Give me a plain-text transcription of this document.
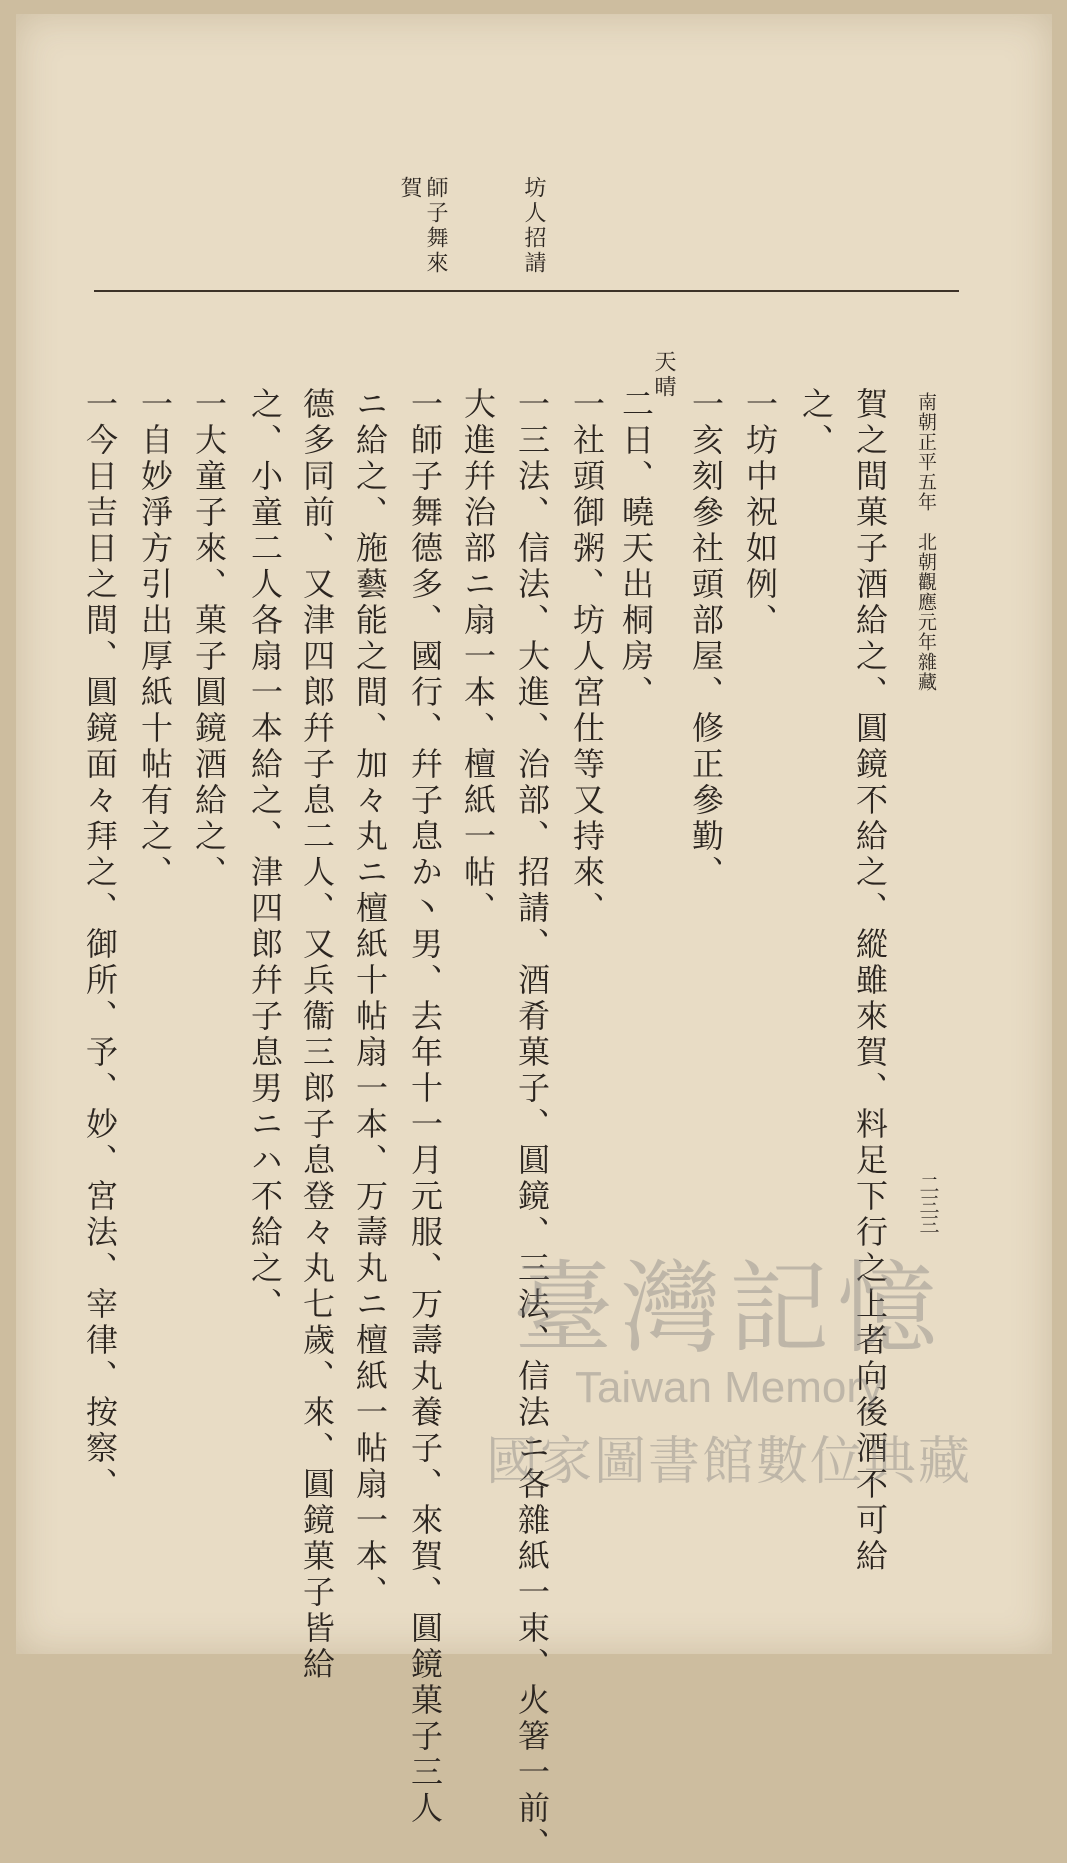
南朝正平五年　北朝觀應元年雜藏
二三三
坊人招請
師子舞來
賀
賀之間菓子酒給之、圓鏡不給之、縱雖來賀、料足下行之上者向後酒不可給
之、
一坊中祝如例、
一亥刻參社頭部屋、修正參勤、
天晴
二日、曉天出桐房、
一社頭御粥、坊人宮仕等又持來、
一三法、信法、大進、治部、招請、酒肴菓子、圓鏡、三法、信法ニ各雜紙一束、火箸一前、
大進幷治部ニ扇一本、檀紙一帖、
一師子舞德多、國行、幷子息か丶男、去年十一月元服、万壽丸養子、來賀、圓鏡菓子三人
ニ給之、施藝能之間、加々丸ニ檀紙十帖扇一本、万壽丸ニ檀紙一帖扇一本、
德多同前、又津四郎幷子息二人、又兵衞三郎子息登々丸七歲、來、圓鏡菓子皆給
之、小童二人各扇一本給之、津四郎幷子息男ニハ不給之、
一大童子來、菓子圓鏡酒給之、
一自妙淨方引出厚紙十帖有之、
一今日吉日之間、圓鏡面々拜之、御所、予、妙、宮法、宰律、按察、	臺灣記憶
Taiwan Memory
國家圖書館數位典藏
